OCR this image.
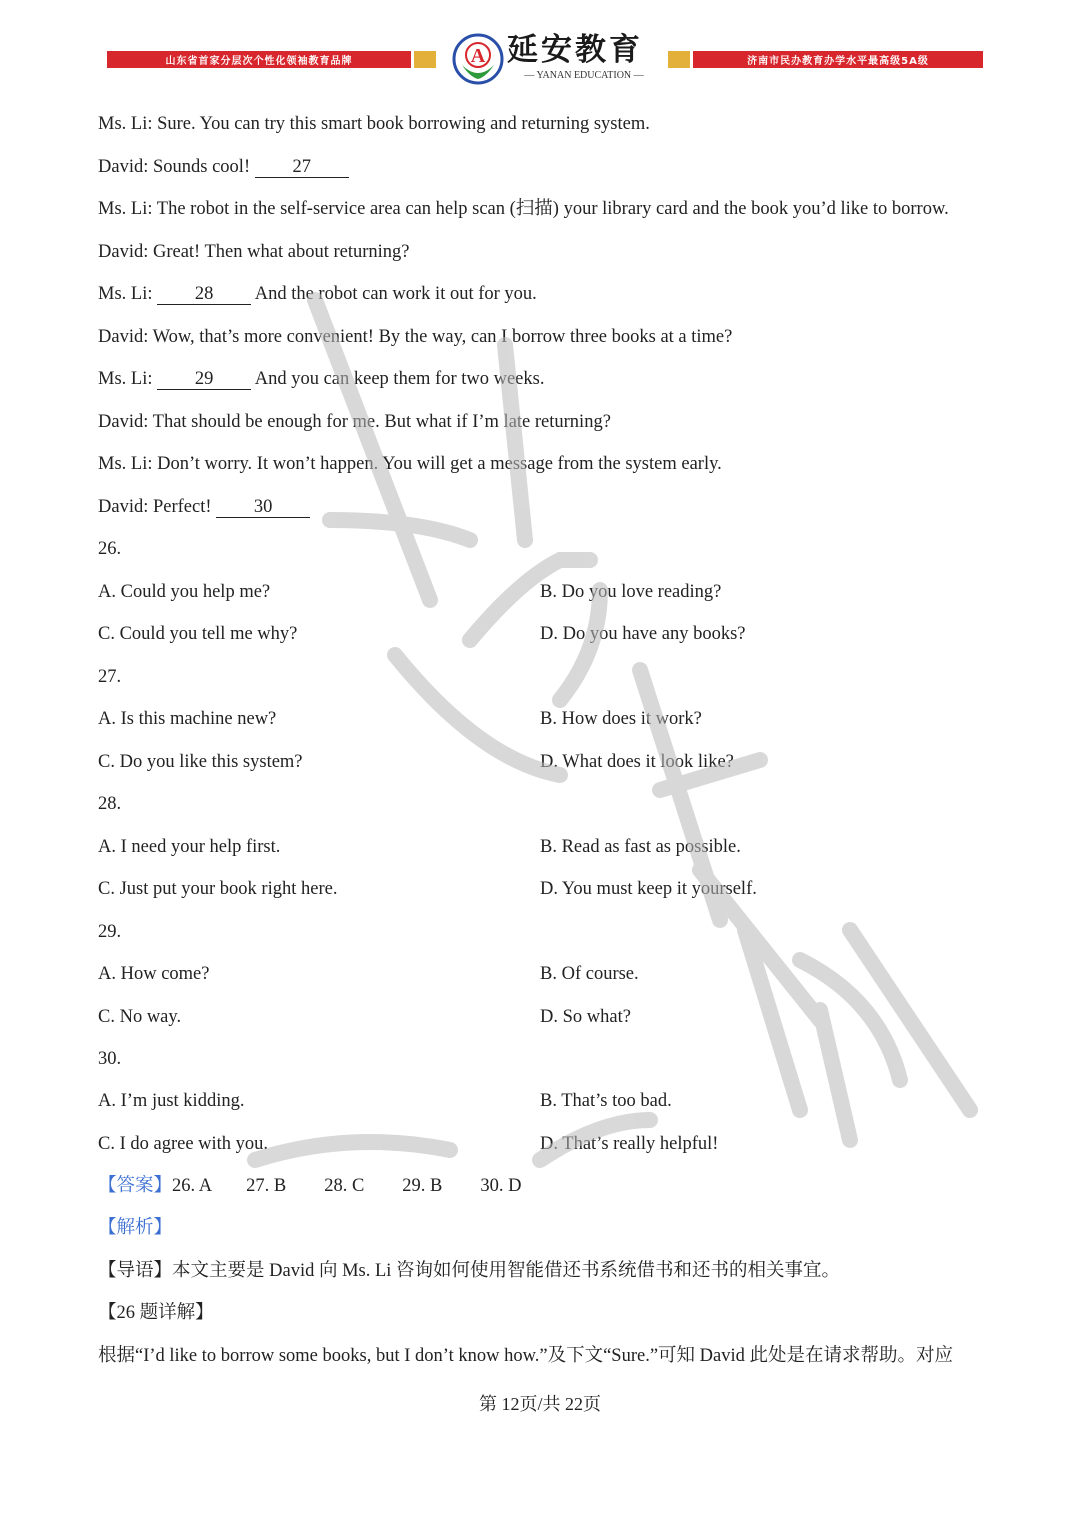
山东省首家分层次个性化领袖教育品牌	A 延安教育
— YANAN EDUCATION —
济南市民办教育办学水平最高级5A级
Ms. Li: Sure. You can try this smart book borrowing and returning system.
David: Sounds cool! 27
Ms. Li: The robot in the self-service area can help scan (扫描) your library card and the book you’d like to borrow.
David: Great! Then what about returning?
Ms. Li: 28 And the robot can work it out for you.
David: Wow, that’s more convenient! By the way, can I borrow three books at a time?
Ms. Li: 29 And you can keep them for two weeks.
David: That should be enough for me. But what if I’m late returning?
Ms. Li: Don’t worry. It won’t happen. You will get a message from the system early.
David: Perfect! 30
26.
A. Could you help me?	B. Do you love reading?
C. Could you tell me why?	D. Do you have any books?
27.
A. Is this machine new?	B. How does it work?
C. Do you like this system?	D. What does it look like?
28.
A. I need your help first.	B. Read as fast as possible.
C. Just put your book right here.	D. You must keep it yourself.
29.
A. How come?	B. Of course.
C. No way.	D. So what?
30.
A. I’m just kidding.	B. That’s too bad.
C. I do agree with you.	D. That’s really helpful!
【答案】26. A 27. B 28. C 29. B 30. D
【解析】
【导语】本文主要是 David 向 Ms. Li 咨询如何使用智能借还书系统借书和还书的相关事宜。
【26 题详解】
根据“I’d like to borrow some books, but I don’t know how.”及下文“Sure.”可知 David 此处是在请求帮助。对应
第 12页/共 22页
